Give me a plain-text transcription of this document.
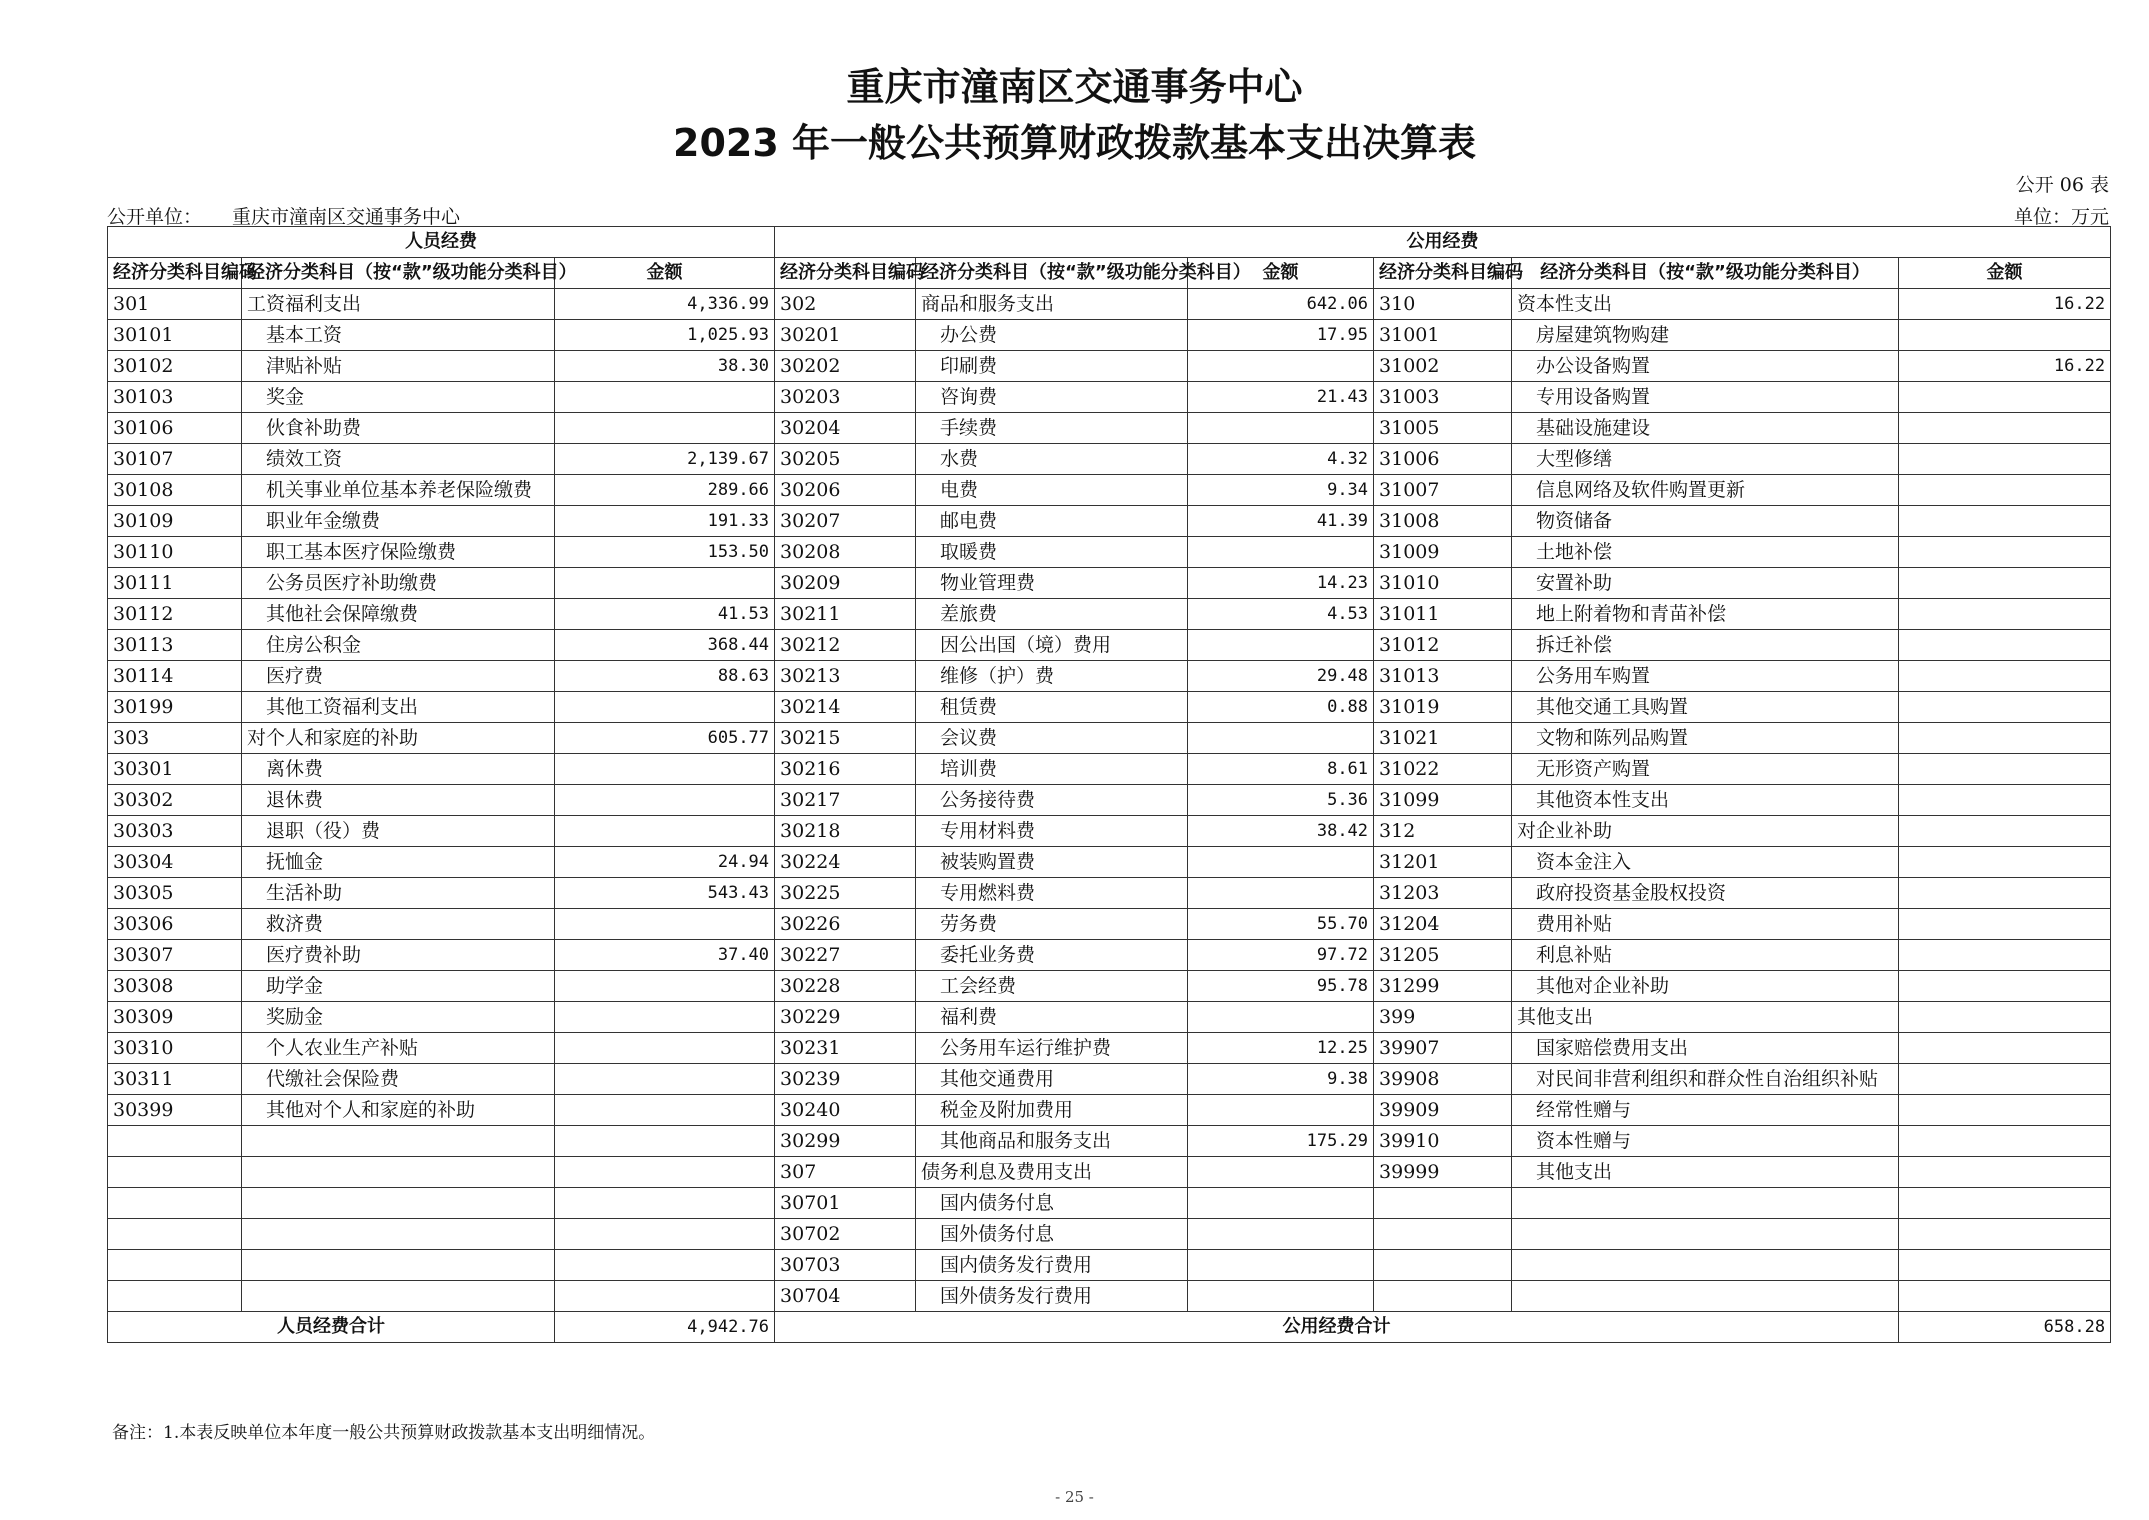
重庆市潼南区交通事务中心
2023 年一般公共预算财政拨款基本支出决算表
公开 06 表
公开单位： 重庆市潼南区交通事务中心	单位：万元
人员经费			公用经费					
经济分类科目编码	经济分类科目（按“款”级功能分类科目）	金额	经济分类科目编码	经济分类科目（按“款”级功能分类科目）	金额	经济分类科目编码	经济分类科目（按“款”级功能分类科目）	金额
301	工资福利支出	4,336.99	302	商品和服务支出	642.06	310	资本性支出	16.22
30101	基本工资	1,025.93	30201	办公费	17.95	31001	房屋建筑物购建	
30102	津贴补贴	38.30	30202	印刷费		31002	办公设备购置	16.22
30103	奖金		30203	咨询费	21.43	31003	专用设备购置	
30106	伙食补助费		30204	手续费		31005	基础设施建设	
30107	绩效工资	2,139.67	30205	水费	4.32	31006	大型修缮	
30108	机关事业单位基本养老保险缴费	289.66	30206	电费	9.34	31007	信息网络及软件购置更新	
30109	职业年金缴费	191.33	30207	邮电费	41.39	31008	物资储备	
30110	职工基本医疗保险缴费	153.50	30208	取暖费		31009	土地补偿	
30111	公务员医疗补助缴费		30209	物业管理费	14.23	31010	安置补助	
30112	其他社会保障缴费	41.53	30211	差旅费	4.53	31011	地上附着物和青苗补偿	
30113	住房公积金	368.44	30212	因公出国（境）费用		31012	拆迁补偿	
30114	医疗费	88.63	30213	维修（护）费	29.48	31013	公务用车购置	
30199	其他工资福利支出		30214	租赁费	0.88	31019	其他交通工具购置	
303	对个人和家庭的补助	605.77	30215	会议费		31021	文物和陈列品购置	
30301	离休费		30216	培训费	8.61	31022	无形资产购置	
30302	退休费		30217	公务接待费	5.36	31099	其他资本性支出	
30303	退职（役）费		30218	专用材料费	38.42	312	对企业补助	
30304	抚恤金	24.94	30224	被装购置费		31201	资本金注入	
30305	生活补助	543.43	30225	专用燃料费		31203	政府投资基金股权投资	
30306	救济费		30226	劳务费	55.70	31204	费用补贴	
30307	医疗费补助	37.40	30227	委托业务费	97.72	31205	利息补贴	
30308	助学金		30228	工会经费	95.78	31299	其他对企业补助	
30309	奖励金		30229	福利费		399	其他支出	
30310	个人农业生产补贴		30231	公务用车运行维护费	12.25	39907	国家赔偿费用支出	
30311	代缴社会保险费		30239	其他交通费用	9.38	39908	对民间非营利组织和群众性自治组织补贴	
30399	其他对个人和家庭的补助		30240	税金及附加费用		39909	经常性赠与	
			30299	其他商品和服务支出	175.29	39910	资本性赠与	
			307	债务利息及费用支出		39999	其他支出	
			30701	国内债务付息				
			30702	国外债务付息				
			30703	国内债务发行费用				
			30704	国外债务发行费用				
人员经费合计		4,942.76	公用经费合计					658.28
备注：1.本表反映单位本年度一般公共预算财政拨款基本支出明细情况。
- 25 -
